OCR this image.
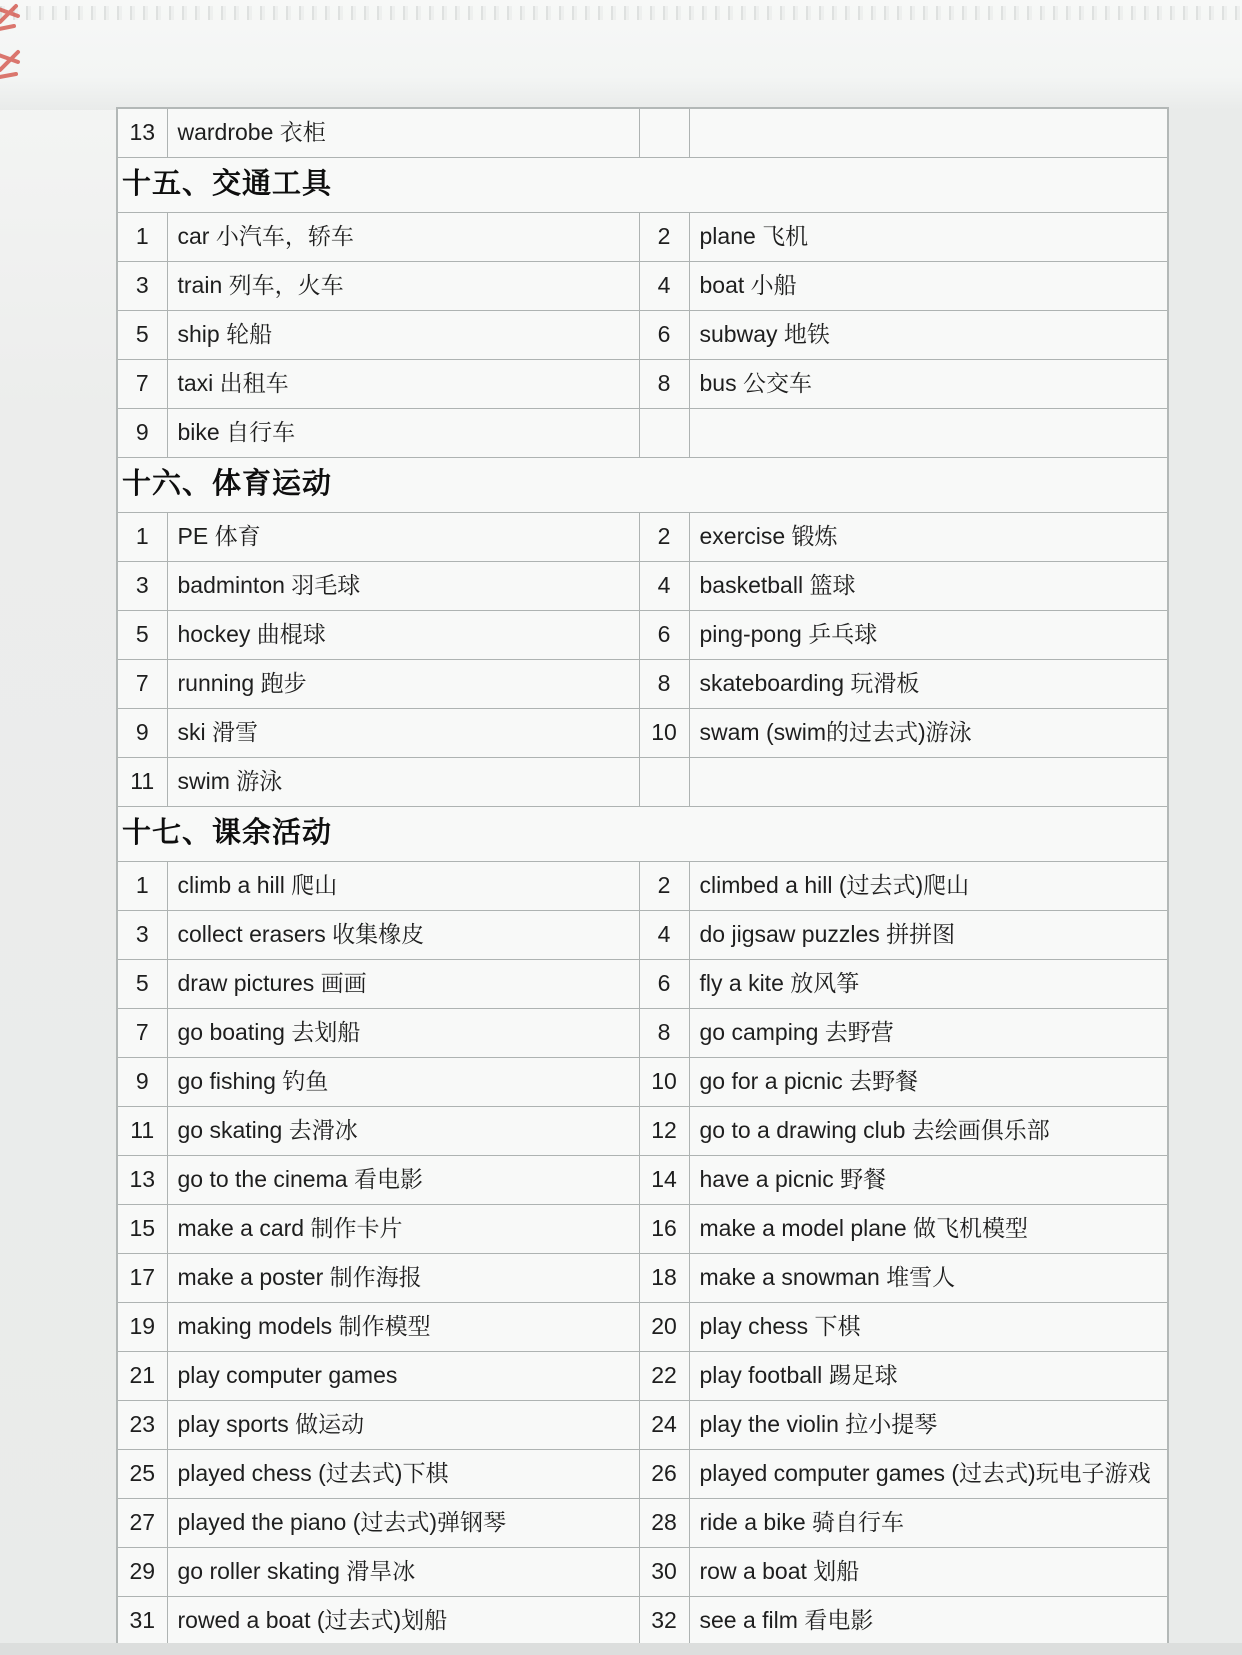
13	wardrobe 衣柜		
十五、交通工具			
1	car 小汽车，轿车	2	plane 飞机
3	train 列车，火车	4	boat 小船
5	ship 轮船	6	subway 地铁
7	taxi 出租车	8	bus 公交车
9	bike 自行车		
十六、体育运动			
1	PE 体育	2	exercise 锻炼
3	badminton 羽毛球	4	basketball 篮球
5	hockey 曲棍球	6	ping-pong 乒乓球
7	running 跑步	8	skateboarding 玩滑板
9	ski 滑雪	10	swam (swim的过去式)游泳
11	swim 游泳		
十七、课余活动			
1	climb a hill 爬山	2	climbed a hill (过去式)爬山
3	collect erasers 收集橡皮	4	do jigsaw puzzles 拼拼图
5	draw pictures 画画	6	fly a kite 放风筝
7	go boating 去划船	8	go camping 去野营
9	go fishing 钓鱼	10	go for a picnic 去野餐
11	go skating 去滑冰	12	go to a drawing club 去绘画俱乐部
13	go to the cinema 看电影	14	have a picnic 野餐
15	make a card 制作卡片	16	make a model plane 做飞机模型
17	make a poster 制作海报	18	make a snowman 堆雪人
19	making models 制作模型	20	play chess 下棋
21	play computer games	22	play football 踢足球
23	play sports 做运动	24	play the violin 拉小提琴
25	played chess (过去式)下棋	26	played computer games (过去式)玩电子游戏
27	played the piano (过去式)弹钢琴	28	ride a bike 骑自行车
29	go roller skating 滑旱冰	30	row a boat 划船
31	rowed a boat (过去式)划船	32	see a film 看电影
